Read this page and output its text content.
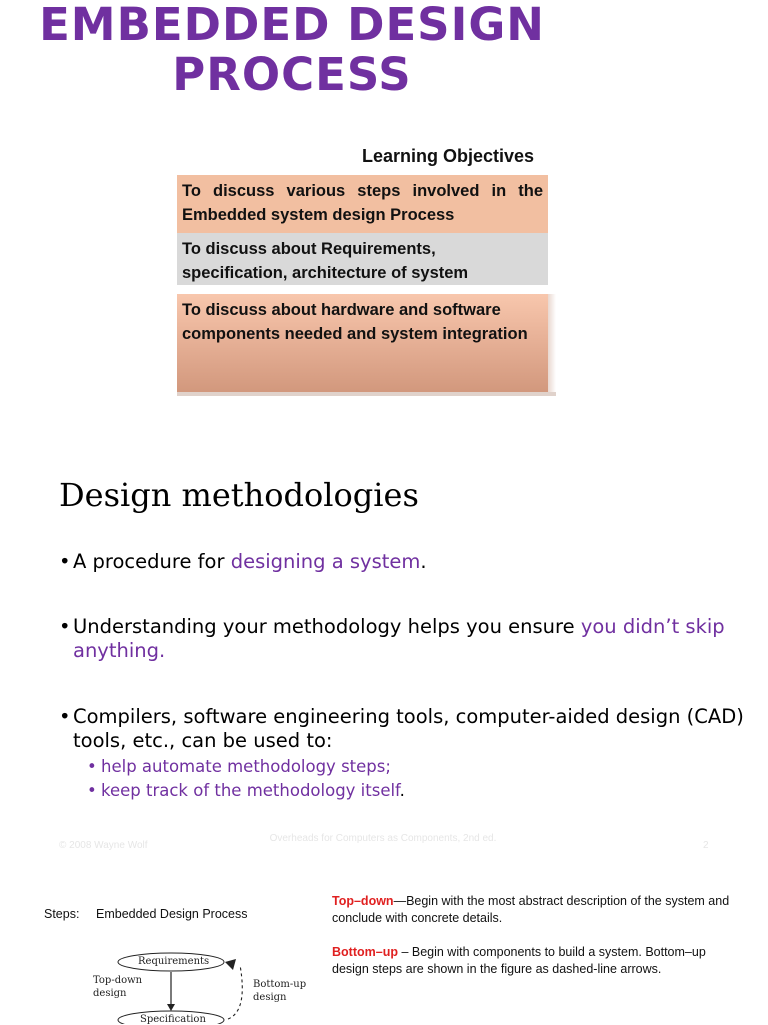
EMBEDDED DESIGN
PROCESS
Learning Objectives
To discuss various steps involved in the Embedded system design Process
To discuss about Requirements, specification, architecture of system
To discuss about hardware and software components needed and system integration
Design methodologies
• A procedure for designing a system.
• Understanding your methodology helps you ensure you didn’t skip anything.
• Compilers, software engineering tools, computer-aided design (CAD) tools, etc., can be used to:
• help automate methodology steps;
• keep track of the methodology itself.
© 2008 Wayne Wolf
Overheads for Computers as Components, 2nd ed.
2
Steps: Embedded Design Process
Top–down—Begin with the most abstract description of the system and conclude with concrete details.
Bottom–up – Begin with components to build a system. Bottom–up design steps are shown in the figure as dashed-line arrows.
Requirements
Specification
Top-down
design
Bottom-up
design
